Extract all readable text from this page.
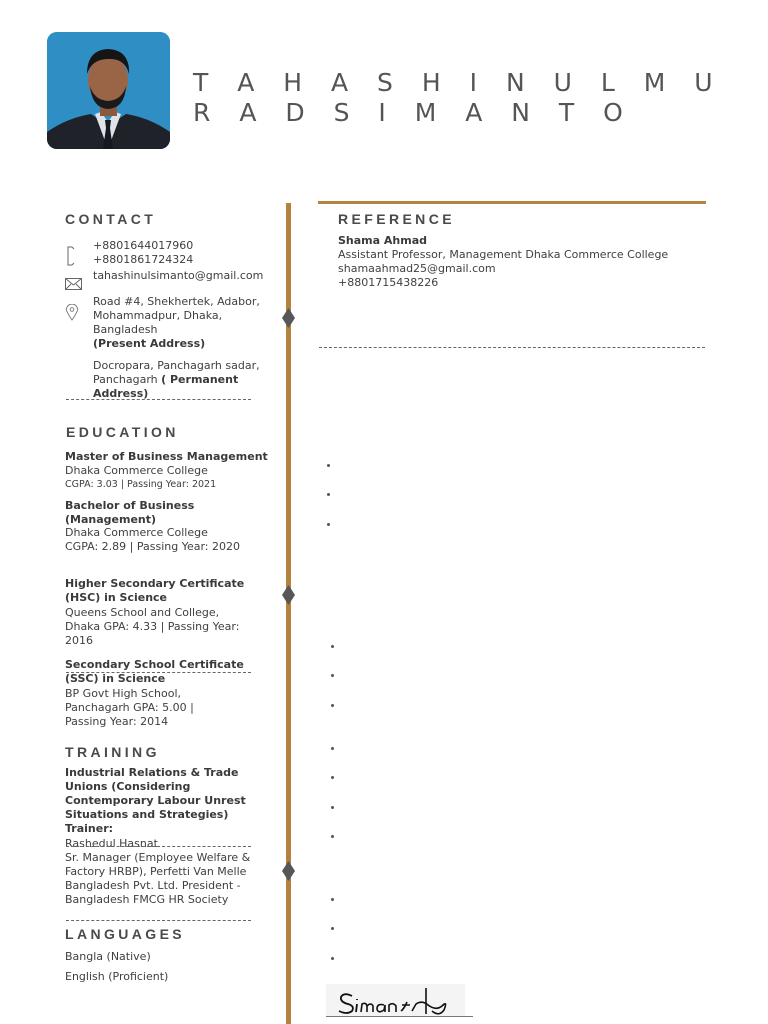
T A H A S H I N U L M U R A D S I M A N T O
CONTACT
+8801644017960
+8801861724324
tahashinulsimanto@gmail.com
Road #4, Shekhertek, Adabor, Mohammadpur, Dhaka, Bangladesh
(Present Address)
Docropara, Panchagarh sadar, Panchagarh ( Permanent Address)
REFERENCE
Shama Ahmad
Assistant Professor, Management Dhaka Commerce College
shamaahmad25@gmail.com
+8801715438226
EDUCATION
Master of Business Management
Dhaka Commerce College
CGPA: 3.03 | Passing Year: 2021
Bachelor of Business (Management)
Dhaka Commerce College
CGPA: 2.89 | Passing Year: 2020
Higher Secondary Certificate (HSC) in Science
Queens School and College, Dhaka GPA: 4.33 | Passing Year: 2016
Secondary School Certificate (SSC) in Science
BP Govt High School, Panchagarh GPA: 5.00 | Passing Year: 2014
TRAINING
Industrial Relations & Trade Unions (Considering Contemporary Labour Unrest Situations and Strategies) Trainer:
Rashedul Hasnat
Sr. Manager (Employee Welfare & Factory HRBP), Perfetti Van Melle Bangladesh Pvt. Ltd. President - Bangladesh FMCG HR Society
LANGUAGES
Bangla (Native)
English (Proficient)
